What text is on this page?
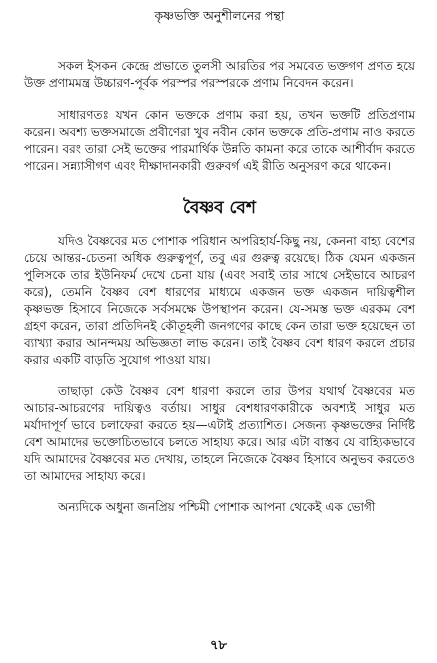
কৃষ্ণভক্তি অনুশীলনের পন্থা

সকল ইসকন কেন্দ্রে প্রভাতে তুলসী আরতির পর সমবেত ভক্তগণ প্রণত হয়ে উক্ত প্রণামমন্ত্র উচ্চারণ-পূর্বক পরস্পর পরস্পরকে প্রণাম নিবেদন করেন।

সাধারণতঃ যখন কোন ভক্তকে প্রণাম করা হয়, তখন ভক্তটি প্রতিপ্রণাম করেন। অবশ্য ভক্তসমাজে প্রবীণেরা খুব নবীন কোন ভক্তকে প্রতি-প্রণাম নাও করতে পারেন। বরং তারা সেই ভক্তের পারমার্থিক উন্নতি কামনা করে তাকে আশীর্বাদ করতে পারেন। সন্ন্যাসীগণ এবং দীক্ষাদানকারী গুরুবর্গ এই রীতি অনুসরণ করে থাকেন।

বৈষ্ণব বেশ

যদিও বৈষ্ণবের মত পোশাক পরিধান অপরিহার্য-কিছু নয়, কেননা বাহ্য বেশের চেয়ে আন্তর-চেতনা অধিক গুরুত্বপূর্ণ, তবু এর গুরুত্ব রয়েছে। ঠিক যেমন একজন পুলিসকে তার ইউনিফর্ম দেখে চেনা যায় (এবং সবাই তার সাথে সেইভাবে আচরণ করে), তেমনি বৈষ্ণব বেশ ধারণের মাধ্যমে একজন ভক্ত একজন দায়িত্বশীল কৃষ্ণভক্ত হিসাবে নিজেকে সর্বসমক্ষে উপস্থাপন করেন। যে-সমস্ত ভক্ত এরকম বেশ গ্রহণ করেন, তারা প্রতিদিনই কৌতূহলী জনগণের কাছে কেন তারা ভক্ত হয়েছেন তা ব্যাখ্যা করার আনন্দময় অভিজ্ঞতা লাভ করেন। তাই বৈষ্ণব বেশ ধারণ করলে প্রচার করার একটি বাড়তি সুযোগ পাওয়া যায়।

তাছাড়া কেউ বৈষ্ণব বেশ ধারণা করলে তার উপর যথার্থ বৈষ্ণবের মত আচার-আচরণের দায়িত্বও বর্তায়। সাধুর বেশধারণকারীকে অবশ্যই সাধুর মত মর্যাদাপূর্ণ ভাবে চলাফেরা করতে হয়—এটাই প্রত্যাশিত। সেজন্য কৃষ্ণভক্তের নির্দিষ্ট বেশ আমাদের ভক্তোচিতভাবে চলতে সাহায্য করে। আর এটা বাস্তব যে বাহ্যিকভাবে যদি আমাদের বৈষ্ণবের মত দেখায়, তাহলে নিজেকে বৈষ্ণব হিসাবে অনুভব করতেও তা আমাদের সাহায্য করে।

অন্যদিকে অধুনা জনপ্রিয় পশ্চিমী পোশাক আপনা থেকেই এক ভোগী

৭৮
